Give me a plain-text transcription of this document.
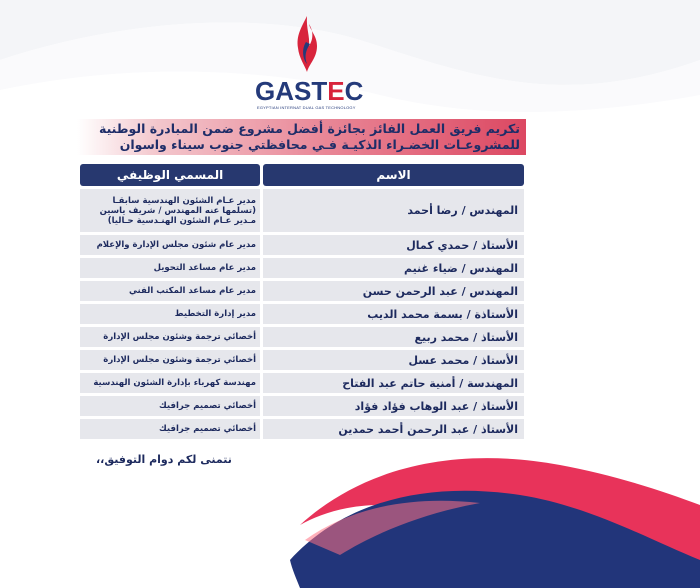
GASTEC
EGYPTIAN INTERNAT DUAL GAS TECHNOLOGY
تكريم فريق العمل الفائز بجائزة أفضل مشروع ضمن المبادرة الوطنية
للمشروعـات الخضـراء الذكيـة فـي محافظتي جنوب سيناء واسوان
الاسم
المسمي الوظيفي
المهندس / رضا أحمد
مدير عـام الشئون الهندسية سابقـا
(تسلمها عنه المهندس / شريف ياسين
مـدير عـام الشئون الهنـدسية حـاليا)
الأستاذ / حمدي كمال
مدير عام شئون مجلس الإدارة والإعلام
المهندس / ضياء غنيم
مدير عام مساعد التحويل
المهندس / عبد الرحمن حسن
مدير عام مساعد المكتب الفني
الأستاذة / بسمة محمد الديب
مدير إدارة التخطيط
الأستاذ / محمد ربيع
أخصائي ترجمة وشئون مجلس الإدارة
الأستاذ / محمد عسل
أخصائي ترجمة وشئون مجلس الإدارة
المهندسة / أمنية حاتم عبد الفتاح
مهندسة كهرباء بإدارة الشئون الهندسية
الأستاذ / عبد الوهاب فؤاد فؤاد
أخصائي تصميم جرافيك
الأستاذ / عبد الرحمن أحمد حمدين
أخصائي تصميم جرافيك
نتمنى لكم دوام التوفيق،،
